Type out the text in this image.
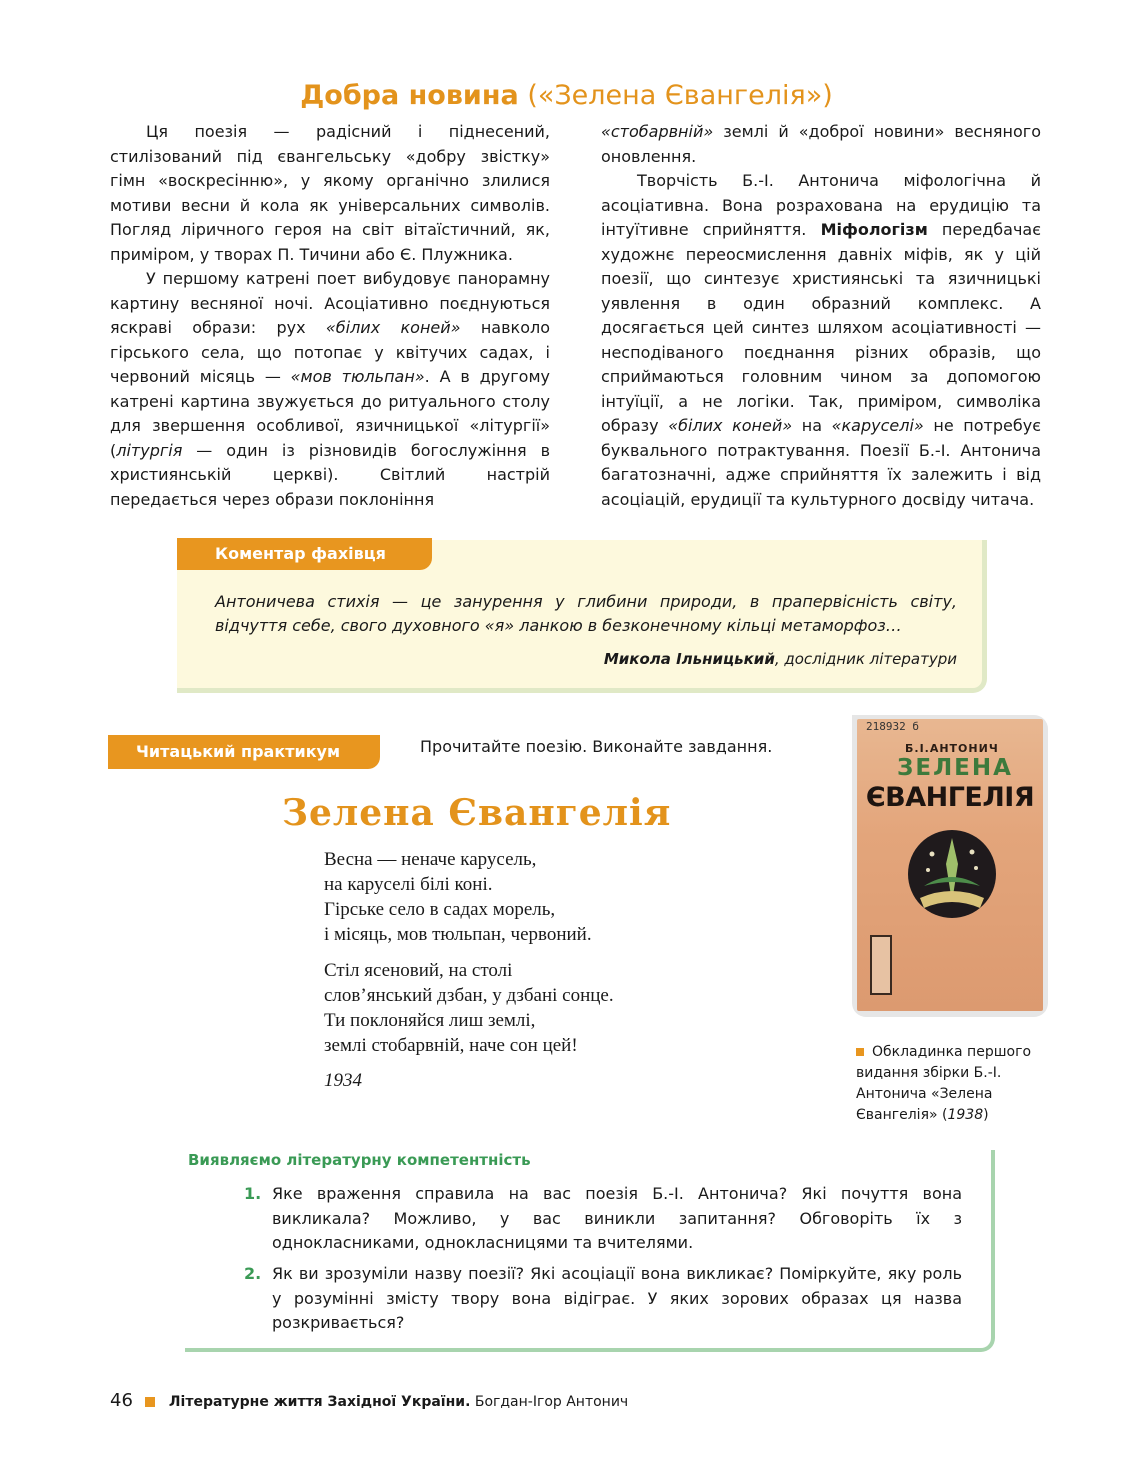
Добра новина («Зелена Євангелія»)

Ця поезія — радісний і піднесений, стилізований під євангельську «добру звістку» гімн «воскресінню», у якому органічно злилися мотиви весни й кола як універсальних символів. Погляд ліричного героя на світ вітаїстичний, як, приміром, у творах П. Тичини або Є. Плужника.

У першому катрені поет вибудовує панорамну картину весняної ночі. Асоціативно поєднуються яскраві образи: рух «білих коней» навколо гірського села, що потопає у квітучих садах, і червоний місяць — «мов тюльпан». А в другому катрені картина звужується до ритуального столу для звершення особливої, язичницької «літургії» (літургія — один із різновидів богослужіння в християнській церкві). Світлий настрій передається через образи поклоніння

«стобарвній» землі й «доброї новини» весняного оновлення.

Творчість Б.-І. Антонича міфологічна й асоціативна. Вона розрахована на ерудицію та інтуїтивне сприйняття. Міфологізм передбачає художнє переосмислення давніх міфів, як у цій поезії, що синтезує християнські та язичницькі уявлення в один образний комплекс. А досягається цей синтез шляхом асоціативності — несподіваного поєднання різних образів, що сприймаються головним чином за допомогою інтуїції, а не логіки. Так, приміром, символіка образу «білих коней» на «каруселі» не потребує буквального потрактування. Поезії Б.-І. Антонича багатозначні, адже сприйняття їх залежить і від асоціацій, ерудиції та культурного досвіду читача.

Коментар фахівця
Антоничева стихія — це занурення у глибини природи, в прапервісність світу, відчуття себе, свого духовного «я» ланкою в безконечному кільці метаморфоз…
Микола Ільницький, дослідник літератури
Читацький практикум	Прочитайте поезію. Виконайте завдання.
Зелена Євангелія
Весна — неначе карусель,
на каруселі білі коні.
Гірське село в садах морель,
і місяць, мов тюльпан, червоний.
Стіл ясеновий, на столі
слов’янський дзбан, у дзбані сонце.
Ти поклоняйся лиш землі,
землі стобарвній, наче сон цей!
1934
218932 б
Б.І.АНТОНИЧ
ЗЕЛЕНА
ЄВАНГЕЛІЯ
Обкладинка першого видання збірки Б.-І. Антонича «Зелена Євангелія» (1938)
Виявляємо літературну компетентність
1. Яке враження справила на вас поезія Б.-І. Антонича? Які почуття вона викликала? Можливо, у вас виникли запитання? Обговоріть їх з однокласниками, однокласницями та вчителями.
2. Як ви зрозуміли назву поезії? Які асоціації вона викликає? Поміркуйте, яку роль у розумінні змісту твору вона відіграє. У яких зорових образах ця назва розкривається?
46	Літературне життя Західної України. Богдан-Ігор Антонич
